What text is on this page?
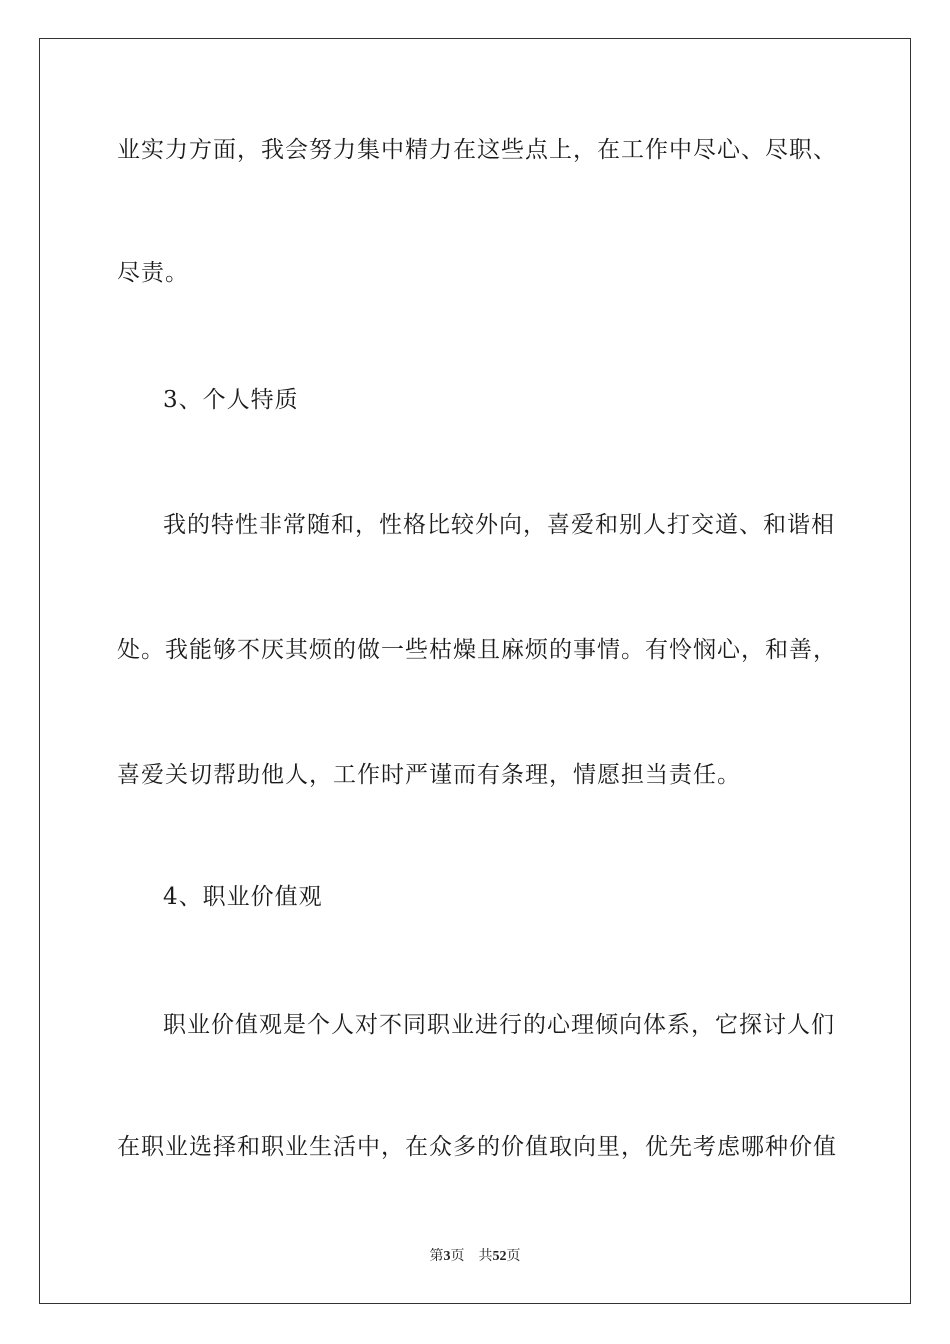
业实力方面，我会努力集中精力在这些点上，在工作中尽心、尽职、
尽责。
3、个人特质
我的特性非常随和，性格比较外向，喜爱和别人打交道、和谐相
处。我能够不厌其烦的做一些枯燥且麻烦的事情。有怜悯心，和善，
喜爱关切帮助他人，工作时严谨而有条理，情愿担当责任。
4、职业价值观
职业价值观是个人对不同职业进行的心理倾向体系，它探讨人们
在职业选择和职业生活中，在众多的价值取向里，优先考虑哪种价值
第3页 共52页
